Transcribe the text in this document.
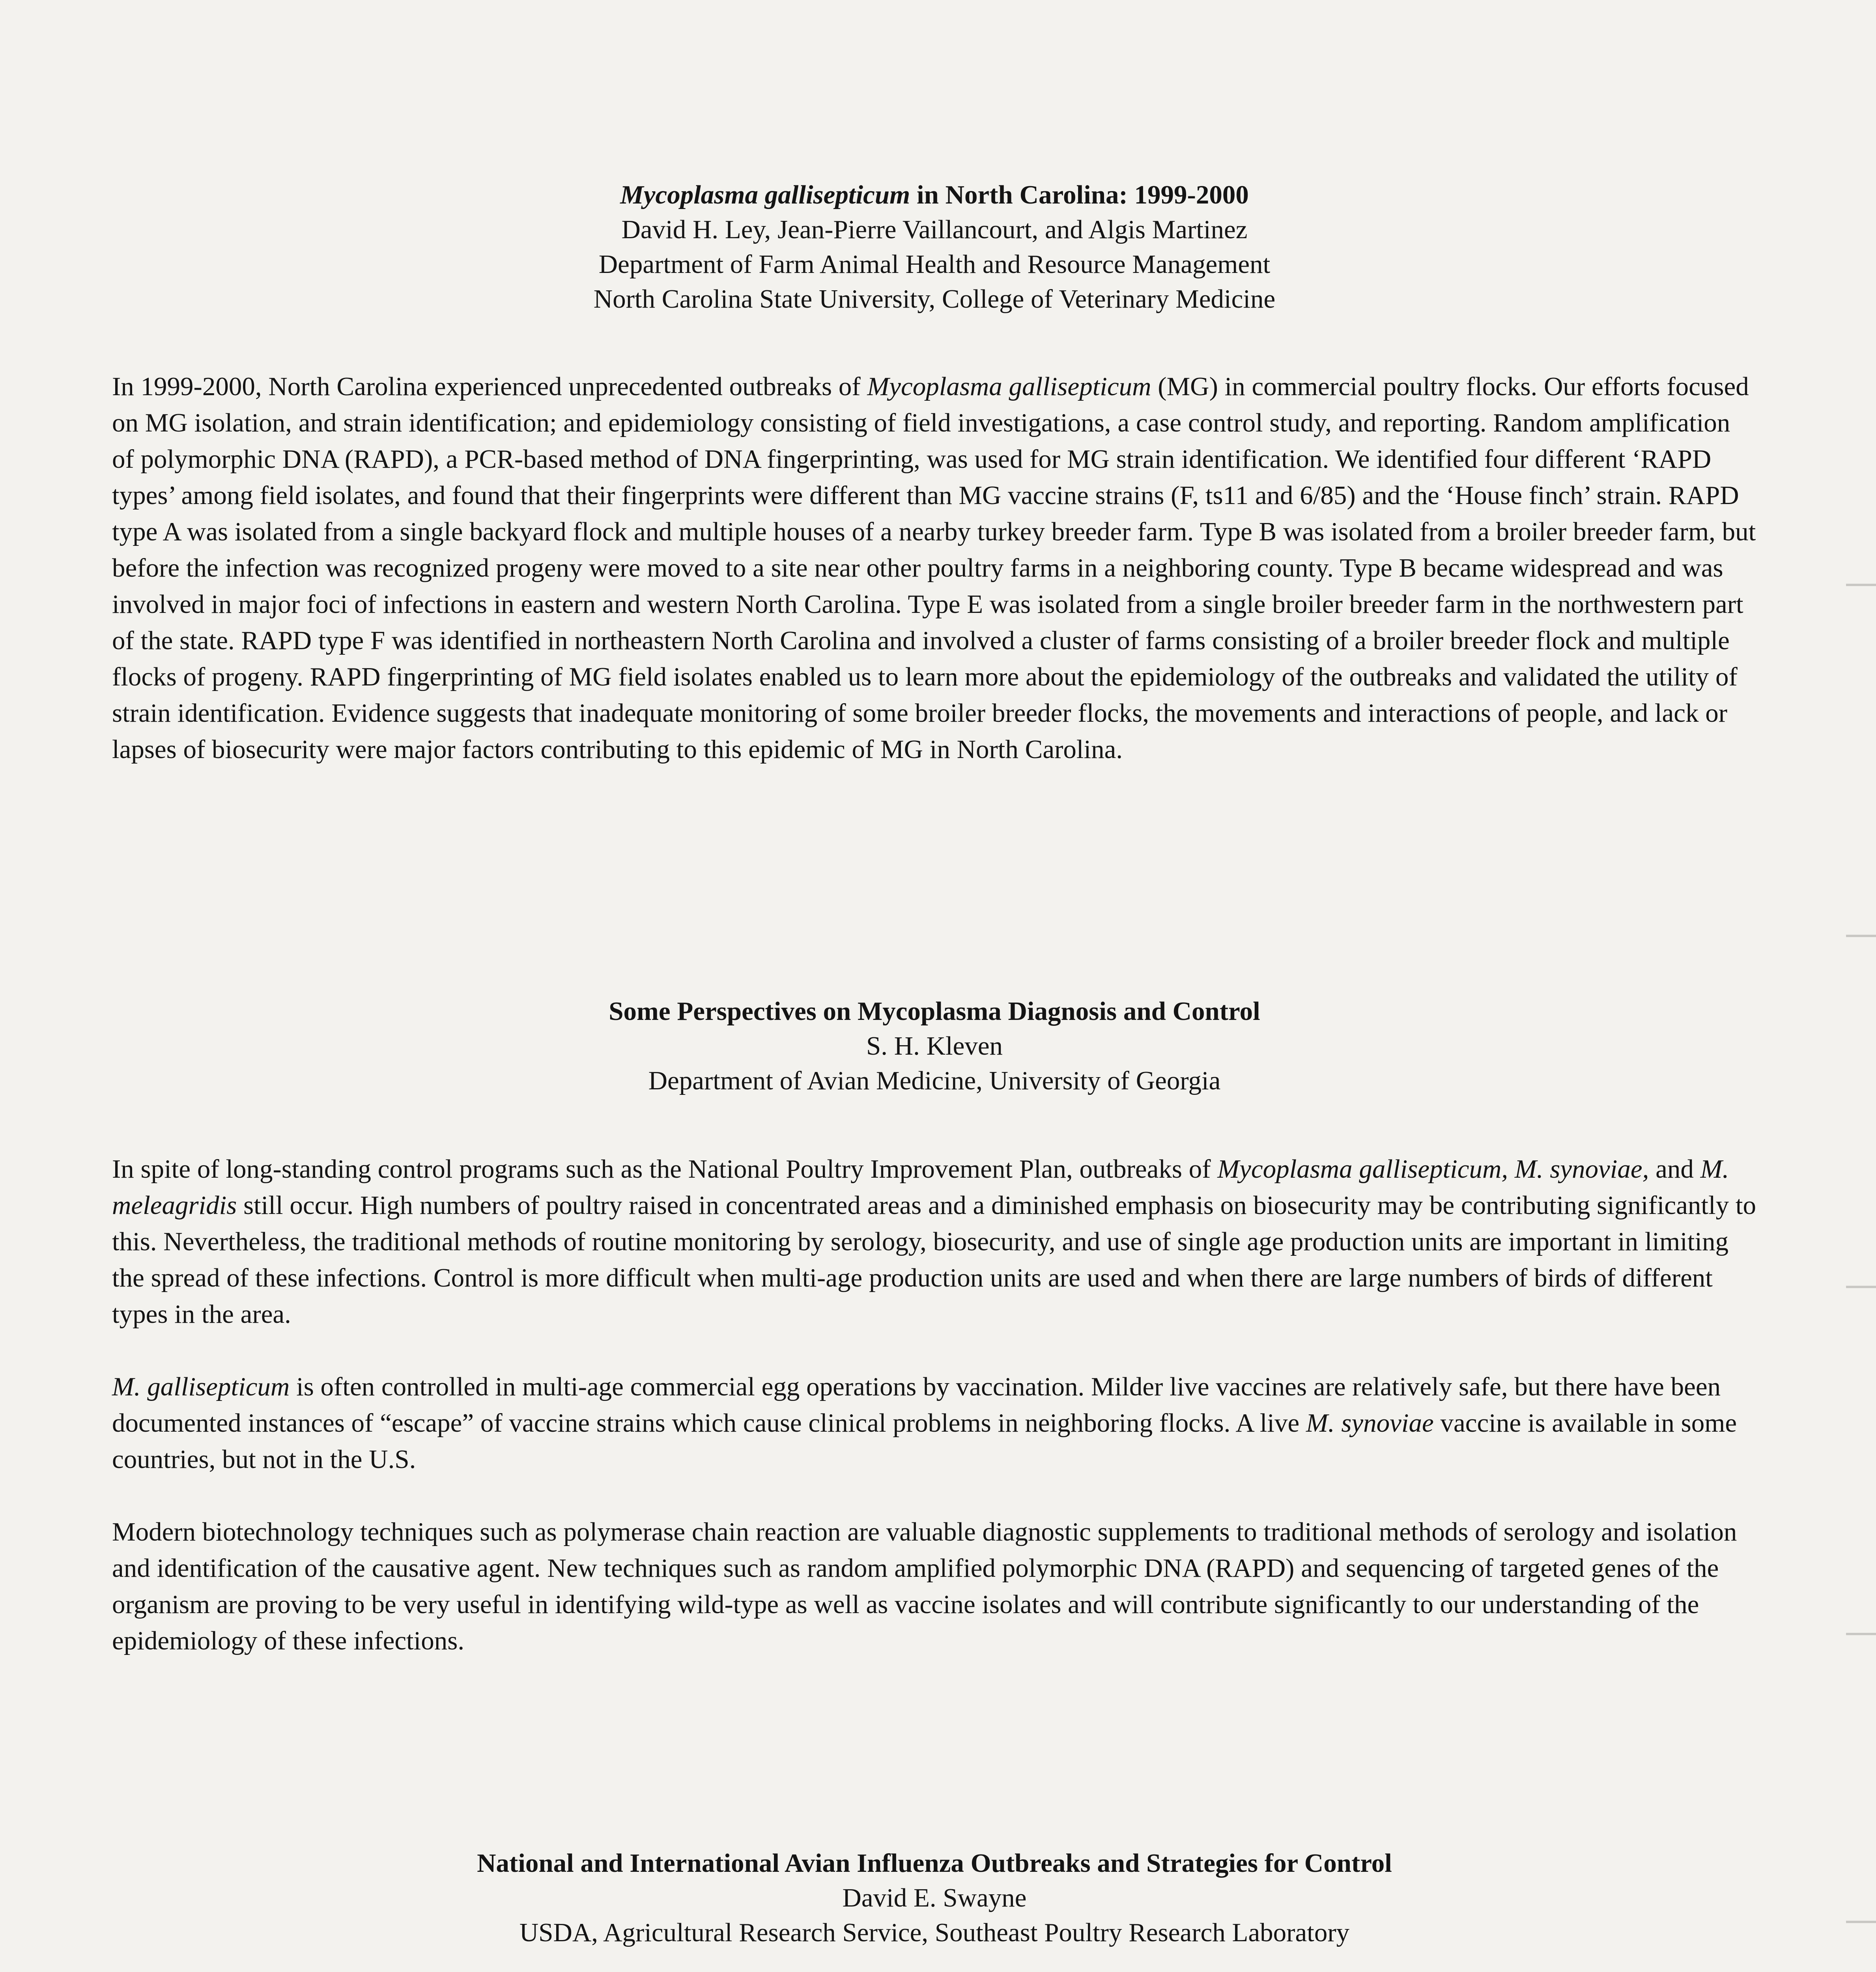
Mycoplasma gallisepticum in North Carolina: 1999-2000
David H. Ley, Jean-Pierre Vaillancourt, and Algis Martinez
Department of Farm Animal Health and Resource Management
North Carolina State University, College of Veterinary Medicine

In 1999-2000, North Carolina experienced unprecedented outbreaks of Mycoplasma gallisepticum (MG) in commercial poultry flocks. Our efforts focused on MG isolation, and strain identification; and epidemiology consisting of field investigations, a case control study, and reporting. Random amplification of polymorphic DNA (RAPD), a PCR-based method of DNA fingerprinting, was used for MG strain identification. We identified four different ‘RAPD types’ among field isolates, and found that their fingerprints were different than MG vaccine strains (F, ts11 and 6/85) and the ‘House finch’ strain. RAPD type A was isolated from a single backyard flock and multiple houses of a nearby turkey breeder farm. Type B was isolated from a broiler breeder farm, but before the infection was recognized progeny were moved to a site near other poultry farms in a neighboring county. Type B became widespread and was involved in major foci of infections in eastern and western North Carolina. Type E was isolated from a single broiler breeder farm in the northwestern part of the state. RAPD type F was identified in northeastern North Carolina and involved a cluster of farms consisting of a broiler breeder flock and multiple flocks of progeny. RAPD fingerprinting of MG field isolates enabled us to learn more about the epidemiology of the outbreaks and validated the utility of strain identification. Evidence suggests that inadequate monitoring of some broiler breeder flocks, the movements and interactions of people, and lack or lapses of biosecurity were major factors contributing to this epidemic of MG in North Carolina.

Some Perspectives on Mycoplasma Diagnosis and Control
S. H. Kleven
Department of Avian Medicine, University of Georgia

In spite of long-standing control programs such as the National Poultry Improvement Plan, outbreaks of Mycoplasma gallisepticum, M. synoviae, and M. meleagridis still occur. High numbers of poultry raised in concentrated areas and a diminished emphasis on biosecurity may be contributing significantly to this. Nevertheless, the traditional methods of routine monitoring by serology, biosecurity, and use of single age production units are important in limiting the spread of these infections. Control is more difficult when multi-age production units are used and when there are large numbers of birds of different types in the area.

M. gallisepticum is often controlled in multi-age commercial egg operations by vaccination. Milder live vaccines are relatively safe, but there have been documented instances of “escape” of vaccine strains which cause clinical problems in neighboring flocks. A live M. synoviae vaccine is available in some countries, but not in the U.S.

Modern biotechnology techniques such as polymerase chain reaction are valuable diagnostic supplements to traditional methods of serology and isolation and identification of the causative agent. New techniques such as random amplified polymorphic DNA (RAPD) and sequencing of targeted genes of the organism are proving to be very useful in identifying wild-type as well as vaccine isolates and will contribute significantly to our understanding of the epidemiology of these infections.

National and International Avian Influenza Outbreaks and Strategies for Control
David E. Swayne
USDA, Agricultural Research Service, Southeast Poultry Research Laboratory
